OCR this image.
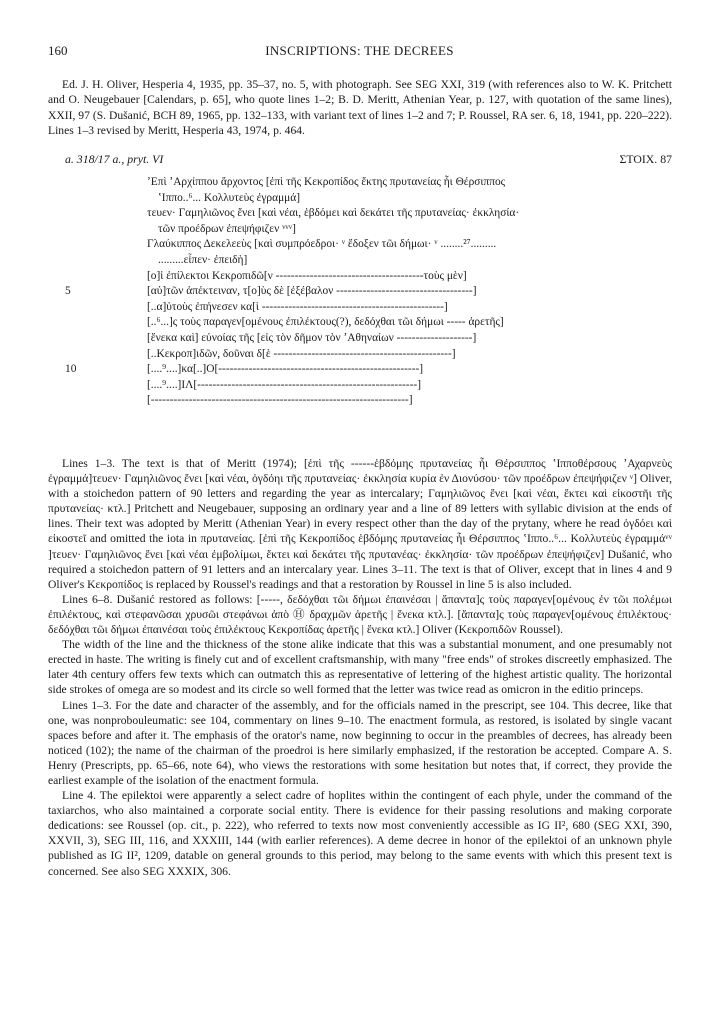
160	INSCRIPTIONS: THE DECREES

Ed. J. H. Oliver, Hesperia 4, 1935, pp. 35–37, no. 5, with photograph. See SEG XXI, 319 (with references also to W. K. Pritchett and O. Neugebauer [Calendars, p. 65], who quote lines 1–2; B. D. Meritt, Athenian Year, p. 127, with quotation of the same lines), XXII, 97 (S. Dušanić, BCH 89, 1965, pp. 132–133, with variant text of lines 1–2 and 7; P. Roussel, RA ser. 6, 18, 1941, pp. 220–222). Lines 1–3 revised by Meritt, Hesperia 43, 1974, p. 464.

a. 318/17 a., pryt. VI	ΣΤΟΙΧ. 87
ʼΕπὶ ʼΑρχίππου ἄρχοντος [ἐπὶ τῆς Κεκροπίδος ἕκτης πρυτανείας ἧι Θέρσιππος
ʽΙππο..⁶... Κολλυτεὺς ἐγραμμά]
τευεν· Γαμηλιῶνος ἔνει [καὶ νέαι, ἑβδόμει καὶ δεκάτει τῆς πρυτανείας· ἐκκλησία·
τῶν προέδρων ἐπεψήφιζεν ᵛᵛᵛ]
Γλαύκιππος Δεκελεεὺς [καὶ συμπρόεδροι· ᵛ ἔδοξεν τῶι δήμωι· ᵛ ........²⁷.........
.........εἶπεν· ἐπειδὴ]
[ο]ἱ ἐπίλεκτοι Κεκροπιδῶ[ν ---------------------------------------τοὺς μὲν]
5	[αὐ]τῶν ἀπέκτειναν, τ[ο]ὺς δὲ [ἐξέβαλον ------------------------------------]
[..α]ὐτοὺς ἐπήνεσεν κα[ὶ ------------------------------------------------]
[..⁶...]ς τοὺς παραγεν[ομένους ἐπιλέκτους(?), δεδόχθαι τῶι δήμωι ----- ἀρετῆς]
[ἕνεκα καὶ] εὐνοίας τῆς [εἰς τὸν δῆμον τὸν ʼΑθηναίων --------------------]
[..Κεκροπ]ιδῶν, δοῦναι δ[ὲ -----------------------------------------------]
10	[....⁹....]κα[..]Ο[-----------------------------------------------------]
[....⁹....]ΙΛ[----------------------------------------------------------]
[--------------------------------------------------------------------]

Lines 1–3. The text is that of Meritt (1974); [ἐπὶ τῆς ------ἑβδόμης πρυτανείας ἧι Θέρσιππος ʽΙπποθέρσους ʼΑχαρνεὺς ἐγραμμά]τευεν· Γαμηλιῶνος ἔνει [καὶ νέαι, ὀγδόηι τῆς πρυτανείας· ἐκκλησία κυρία ἐν Διονύσου· τῶν προέδρων ἐπεψήφιζεν ᵛ] Oliver, with a stoichedon pattern of 90 letters and regarding the year as intercalary; Γαμηλιῶνος ἔνει [καὶ νέαι, ἕκτει καὶ εἰκοστῆι τῆς πρυτανείας· κτλ.] Pritchett and Neugebauer, supposing an ordinary year and a line of 89 letters with syllabic division at the ends of lines. Their text was adopted by Meritt (Athenian Year) in every respect other than the day of the prytany, where he read ὀγδόει καὶ εἰκοστεῖ and omitted the iota in πρυτανείας. [ἐπὶ τῆς Κεκροπίδος ἑβδόμης πρυτανείας ἧι Θέρσιππος ʽΙππο..⁶... Κολλυτεὺς ἐγραμμάᵛᵛ ]τευεν· Γαμηλιῶνος ἔνει [καὶ νέαι ἐμβολίμωι, ἕκτει καὶ δεκάτει τῆς πρυτανέας· ἐκκλησία· τῶν προέδρων ἐπεψήφιζεν] Dušanić, who required a stoichedon pattern of 91 letters and an intercalary year. Lines 3–11. The text is that of Oliver, except that in lines 4 and 9 Oliver's Κεκροπίδος is replaced by Roussel's readings and that a restoration by Roussel in line 5 is also included.

Lines 6–8. Dušanić restored as follows: [-----, δεδόχθαι τῶι δήμωι ἐπαινέσαι | ἅπαντα]ς τοὺς παραγεν[ομένους ἐν τῶι πολέμωι ἐπιλέκτους, καὶ στεφανῶσαι χρυσῶι στεφάνωι ἀπὸ Ⓗ δραχμῶν ἀρετῆς | ἕνεκα κτλ.]. [ἅπαντα]ς τοὺς παραγεν[ομένους ἐπιλέκτους· δεδόχθαι τῶι δήμωι ἐπαινέσαι τοὺς ἐπιλέκτους Κεκροπίδας ἀρετῆς | ἕνεκα κτλ.] Oliver (Κεκροπιδῶν Roussel).

The width of the line and the thickness of the stone alike indicate that this was a substantial monument, and one presumably not erected in haste. The writing is finely cut and of excellent craftsmanship, with many "free ends" of strokes discreetly emphasized. The later 4th century offers few texts which can outmatch this as representative of lettering of the highest artistic quality. The horizontal side strokes of omega are so modest and its circle so well formed that the letter was twice read as omicron in the editio princeps.

Lines 1–3. For the date and character of the assembly, and for the officials named in the prescript, see 104. This decree, like that one, was nonprobouleumatic: see 104, commentary on lines 9–10. The enactment formula, as restored, is isolated by single vacant spaces before and after it. The emphasis of the orator's name, now beginning to occur in the preambles of decrees, has already been noticed (102); the name of the chairman of the proedroi is here similarly emphasized, if the restoration be accepted. Compare A. S. Henry (Prescripts, pp. 65–66, note 64), who views the restorations with some hesitation but notes that, if correct, they provide the earliest example of the isolation of the enactment formula.

Line 4. The epilektoi were apparently a select cadre of hoplites within the contingent of each phyle, under the command of the taxiarchos, who also maintained a corporate social entity. There is evidence for their passing resolutions and making corporate dedications: see Roussel (op. cit., p. 222), who referred to texts now most conveniently accessible as IG II², 680 (SEG XXI, 390, XXVII, 3), SEG III, 116, and XXXIII, 144 (with earlier references). A deme decree in honor of the epilektoi of an unknown phyle published as IG II², 1209, datable on general grounds to this period, may belong to the same events with which this present text is concerned. See also SEG XXXIX, 306.
